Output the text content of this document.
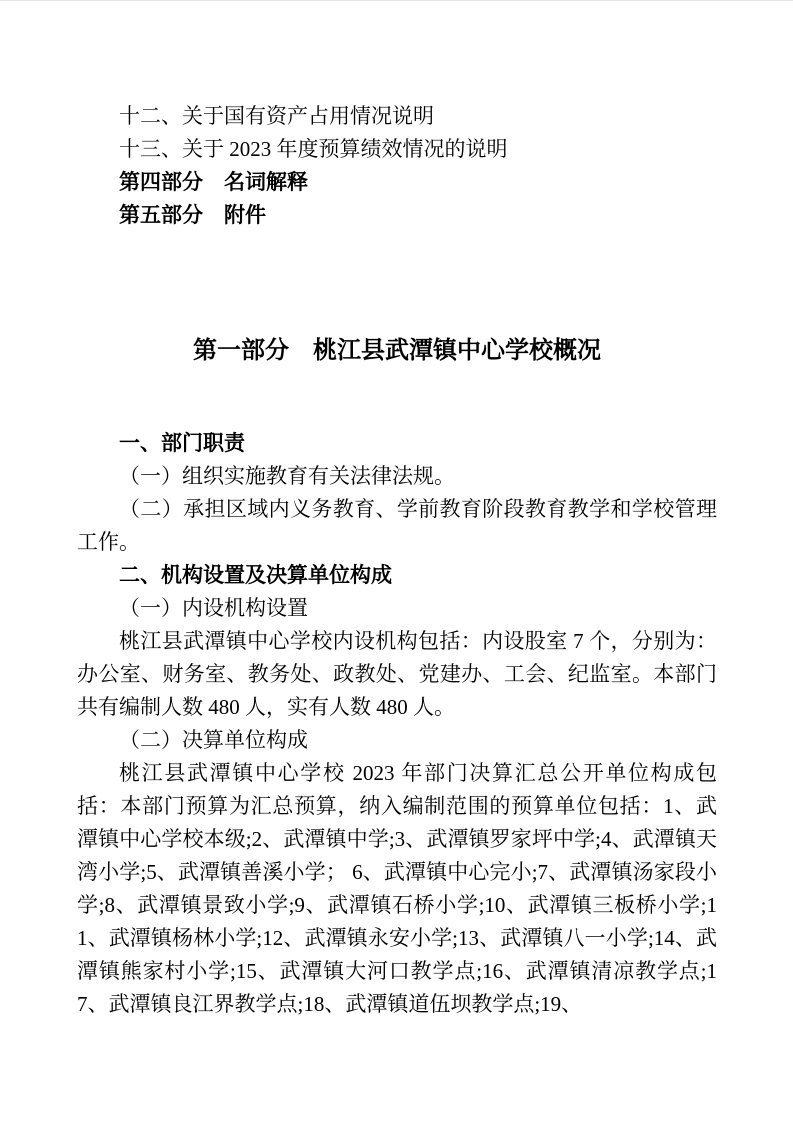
十二、关于国有资产占用情况说明
十三、关于 2023 年度预算绩效情况的说明
第四部分　名词解释
第五部分　附件
第一部分　桃江县武潭镇中心学校概况

一、部门职责

（一）组织实施教育有关法律法规。

（二）承担区域内义务教育、学前教育阶段教育教学和学校管理工作。

二、机构设置及决算单位构成

（一）内设机构设置

桃江县武潭镇中心学校内设机构包括：内设股室 7 个，分别为：办公室、财务室、教务处、政教处、党建办、工会、纪监室。本部门共有编制人数 480 人，实有人数 480 人。

（二）决算单位构成

桃江县武潭镇中心学校 2023 年部门决算汇总公开单位构成包括：本部门预算为汇总预算，纳入编制范围的预算单位包括：1、武潭镇中心学校本级;2、武潭镇中学;3、武潭镇罗家坪中学;4、武潭镇天湾小学;5、武潭镇善溪小学； 6、武潭镇中心完小;7、武潭镇汤家段小学;8、武潭镇景致小学;9、武潭镇石桥小学;10、武潭镇三板桥小学;11、武潭镇杨林小学;12、武潭镇永安小学;13、武潭镇八一小学;14、武潭镇熊家村小学;15、武潭镇大河口教学点;16、武潭镇清凉教学点;17、武潭镇良江界教学点;18、武潭镇道伍坝教学点;19、
